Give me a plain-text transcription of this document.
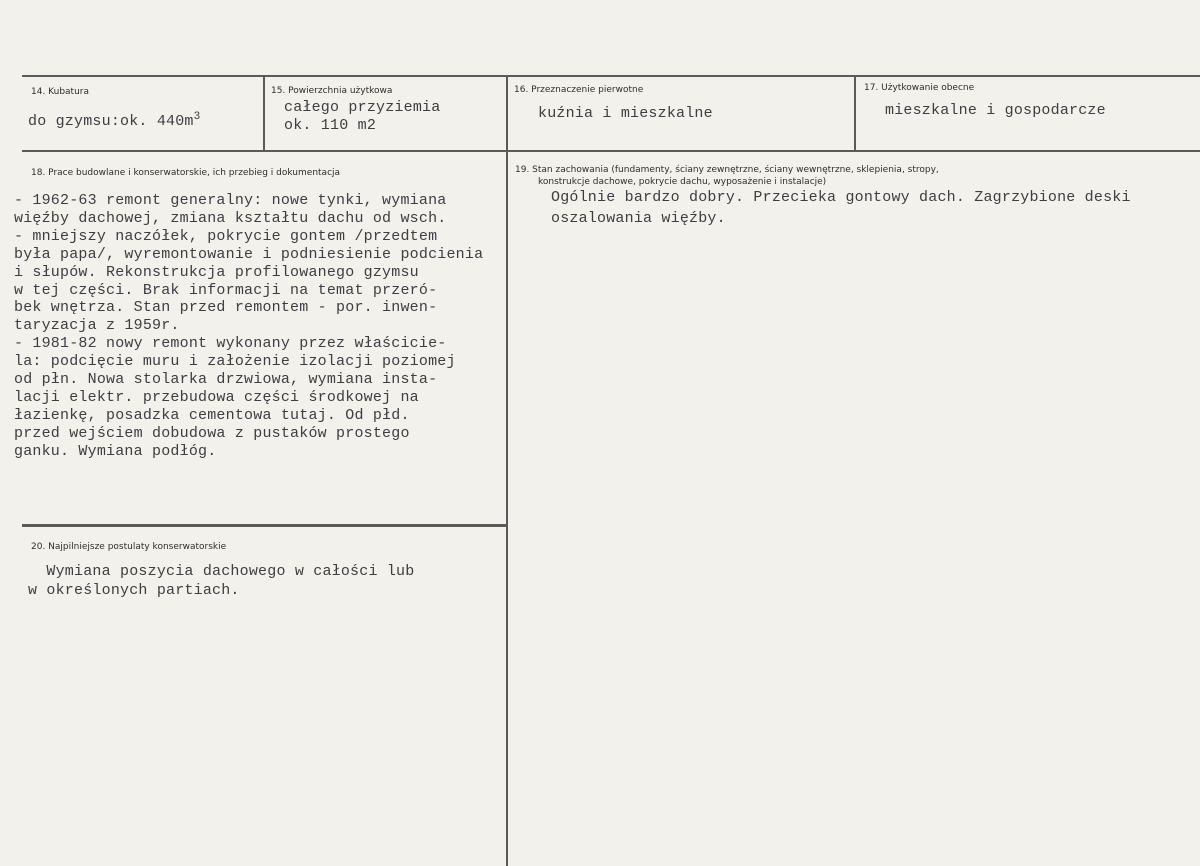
14. Kubatura
do gzymsu:ok. $440m^3$
15. Powierzchnia użytkowa
całego przyziemia
ok. 110 m2
16. Przeznaczenie pierwotne
kuźnia i mieszkalne
17. Użytkowanie obecne
mieszkalne i gospodarcze
18. Prace budowlane i konserwatorskie, ich przebieg i dokumentacja
- 1962-63 remont generalny: nowe tynki, wymiana
więźby dachowej, zmiana kształtu dachu od wsch.
- mniejszy naczółek, pokrycie gontem /przedtem
była papa/, wyremontowanie i podniesienie podcienia
i słupów. Rekonstrukcja profilowanego gzymsu
w tej części. Brak informacji na temat przeró-
bek wnętrza. Stan przed remontem - por. inwen-
taryzacja z 1959r.
- 1981-82 nowy remont wykonany przez właściciе-
la: podcięcie muru i założenie izolacji poziomej
od płn. Nowa stolarka drzwiowa, wymiana insta-
lacji elektr. przebudowa części środkowej na
łazienkę, posadzka cementowa tutaj. Od płd.
przed wejściem dobudowa z pustaków prostego
ganku. Wymiana podłóg.
19. Stan zachowania (fundamenty, ściany zewnętrzne, ściany wewnętrzne, sklepienia, stropy,
konstrukcje dachowe, pokrycie dachu, wyposażenie i instalacje)
Ogólnie bardzo dobry. Przecieka gontowy dach. Zagrzybione deski
oszalowania więźby.
20. Najpilniejsze postulaty konserwatorskie
Wymiana poszycia dachowego w całości lub
w określonych partiach.
